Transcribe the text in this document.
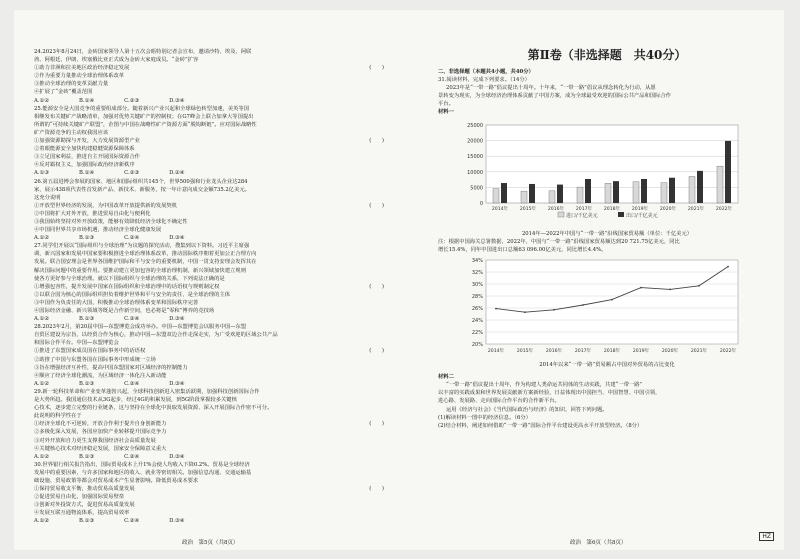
24.2023年8月24日，金砖国家领导人第十五次会晤特别记者会宣布，邀请沙特、埃及、阿联
酋、阿根廷、伊朗、埃塞俄比亚正式成为金砖大家庭成员。“金砖”扩容
(　　)
①助力非洲和拉美地区政治经济稳定发展
②作为重要力量推动全球治理体系改革
③推动全球治理的变革贡献力量
④扩展了“金砖”覆盖范围
A.①②	B.①④	C.②③	D.③④
25.能源安全是大国竞争的重要组成部分。随着新兴产业兴起和全球绿色转型加速，美英等国
相继发布关键矿产战略清单，加强对优势关键矿产的控制权；在G7峰会上联合加拿大等国提出
所谓的“可持续关键矿产联盟”，企图与中国在战略性矿产资源方面“脱钩断链”。应对国际战略性
矿产资源竞争的主动权我国应该
(　　)
①加强资源勘探与开发，大力发展资源型产业
②着眼能源安全加快构建稳健资源保障体系
③立足国家利益，推进自主开展国际资源合作
④反对霸权主义，加强国际政治经济新秩序
A.①③	B.①④	C.②③	D.②④
26.第五届进博会参展的国家、地区和国际组织共145个，世界500强和行业龙头企业达284
家，展示438项代表性首发新产品、新技术、新服务，按一年计意向成交金额735.2亿美元。
这充分说明
(　　)
①开放型世界经济的发展，为中国改革开放提供新的发展契机
②中国将扩大对外开放，推进贸易自由化与便利化
③我国始终坚持对外开放政策，能够有效降低经济全球化不确定性
④中国同世界共享市场机遇，推动经济全球化健康发展
A.①②	B.①③	C.②④	D.③④
27.同学们开展以“国际组织与全球治理”为议题的探究活动，搜集到以下资料。习近平主席强
调，新兴国家和发展中国家要积极推进全球治理体系改革，推动国际秩序朝着更加公正合理方向
发展。联合国安理会是世界各国维护国际和平与安全的重要机制，中国一贯支持安理会发挥其在
解决国际问题中的重要作用。要推动建立更加包容的全球治理机制，新兴领域加快建立规则
使各方更好参与全球治理。就以下国际组织与全球治理的关系，下列说法正确的是
(　　)
①增强包容性，提升发展中国家在国际组织和全球治理中的话语权与规则制定权
②以联合国为核心的国际组织担负着维护世界和平与安全的责任，是全球治理的主体
③中国作为负责任的大国，积极推动全球治理体系变革和国际秩序完善
④国际经济金融、新兴领域等既是合作新空间，也必将是“零和”博弈的竞技场
A.①②	B.①③	C.②④	D.③④
28.2023年2月，第20届中国—东盟博览会成功举办。中国—东盟博览会以服务中国—东盟
自贸区建设为宗旨，以经贸合作为核心，推动中国—东盟双边合作走深走实，为广受欢迎的区域公共产品
和国际合作平台。中国—东盟博览会
(　　)
①推进了东盟国家成员国在国际事务中的话语权
②助推了中国与东盟各国在国际事务中形成统一立场
③旨在增强经济互补性，提高中国东盟国家对区域经济的控制能力
④顺应了经济全球化潮流，为区域经济一体化注入新动能
A.①②	B.①③	C.②④	D.③④
29.新一轮科技革命和产业变革蓬勃兴起，全球科技创新进入密集活跃期，加强科技创新国际合作
是大势所趋。我国通信技术从3G起步，经过4G的积累发展，到5G阶段掌握较多关键核
心技术，逐步建立完整的行业链条，这与坚持在全球化中汲取发展资源、深入开展国际合作密不可分。
此说明的科学性在于
(　　)
①经济全球化不可逆转，开放合作利于提升自身创新能力
②多极化深入发展，各国应加快产业转移提升国际竞争力
③对外开放和自力更生支撑我国经济社会高质量发展
④关键核心技术对经济稳定发展，国家安全保障意义重大
A.①②	B.①③	C.②④	D.③④
30.世界银行相关报告指出，国际贸易成本上升1%会使人均收入下降0.2%。贸易是全球经济
发展中的重要因素，与许多国家和地区的收入、就业等密切相关。加强信息沟通、交通运输基
础设施、贸易政策等都会对贸易成本产生显著影响。降低贸易成本要求
(　　)
①保持贸易收支平衡，推动贸易高质量发展
②促进贸易自由化，加强国际贸易壁垒
③创新对外投资方式，促进贸易高质量发展
④发展互联互通物流体系，提高贸易效率
A.①②	B.①③	C.②④	D.③④
第Ⅱ卷（非选择题　共40分）
二、非选择题（本题共4小题，共40分）
31.阅读材料，完成下列要求。（14分）
2023年是“一带一路”倡议提出十周年。十年来，“一带一路”倡议从理念转化为行动，从愿
景转变为现实，为全球经济治理体系贡献了中国方案，成为全球最受欢迎的国际公共产品和国际合作
平台。
材料一
0
5000
10000
15000
20000
25000
2014年	2015年	2016年	2017年	2018年	2019年	2020年	2021年	2022年
进口/千亿美元	出口/千亿美元
2014年—2022年中国与“一带一路”沿线国家贸易额（单位：千亿美元）
注：根据中国海关总署数据，2022年，中国与“一带一路”沿线国家贸易额达到20 721.75亿美元，同比
增长15.4%，同年中国进出口总额63 096.00亿美元，同比增长4.4%。
20%
22%
24%
26%
28%
30%
32%
34%
2014年	2015年	2016年	2017年	2018年	2019年	2020年	2021年	2022年
2014年以来“一带一路”贸易额占中国对外贸易的占比变化
材料二
“一带一路”倡议提出十周年，作为构建人类命运共同体的生动实践，共建“一带一路”
以丰富的实践成果和世界发展贡献新方案新经验，日益体现出中国担当、中国智慧、中国引领，
进心路、发展路、走向国际合作平台的合作新平台。
运用《经济与社会》《当代国际政治与经济》的知识，回答下列问题。
(1)解读材料一图中的经济信息。（6分）
(2)结合材料，阐述如何借助“一带一路”国际合作平台建设更高水平开放型经济。（8分）
政治　第5页（共8页）	政治　第6页（共8页）
HZ
